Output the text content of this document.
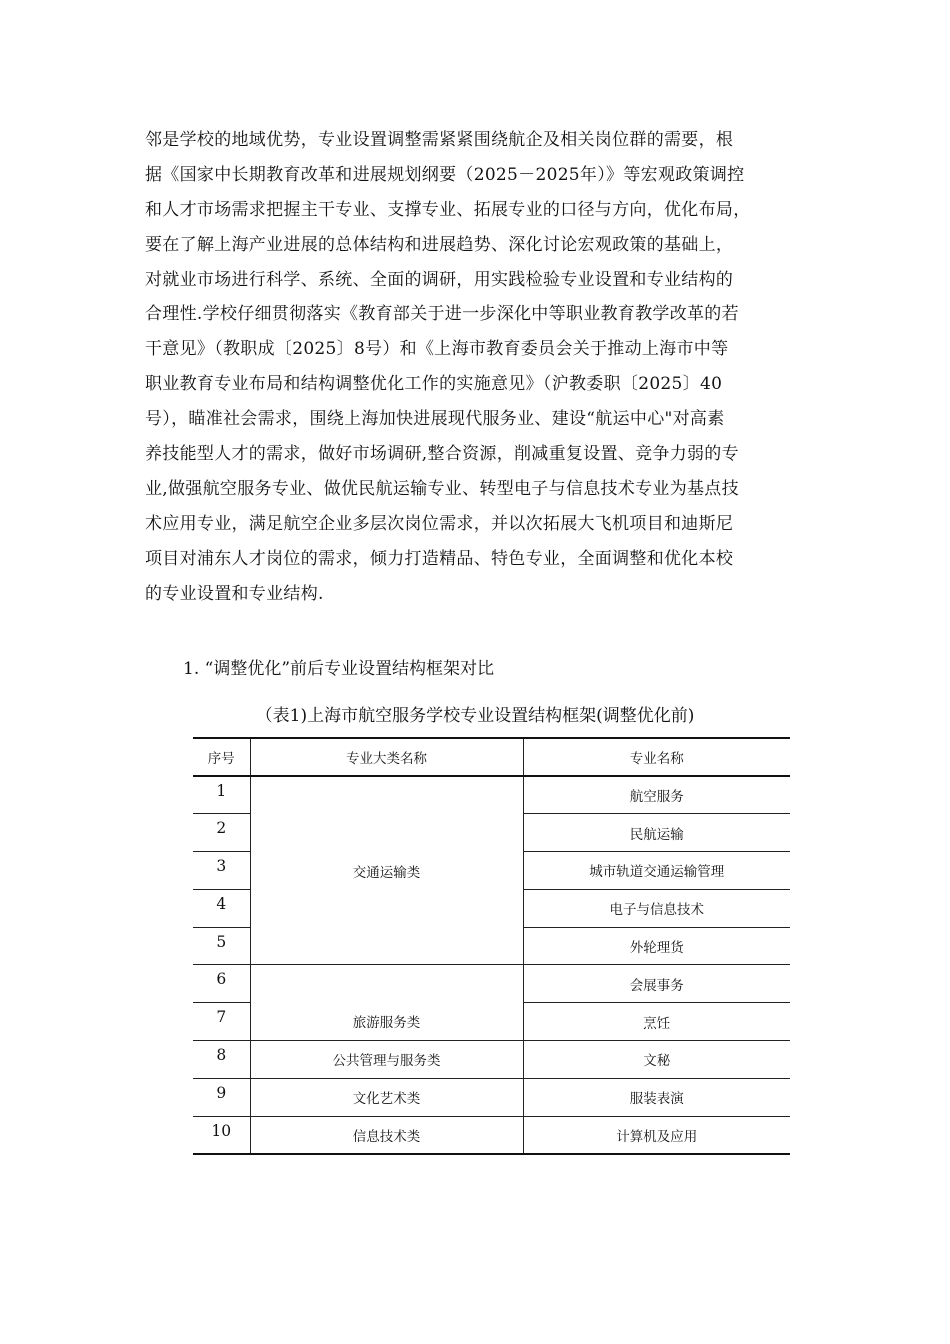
邻是学校的地域优势，专业设置调整需紧紧围绕航企及相关岗位群的需要，根
据《国家中长期教育改革和进展规划纲要（2025－2025年）》等宏观政策调控
和人才市场需求把握主干专业、支撑专业、拓展专业的口径与方向，优化布局，
要在了解上海产业进展的总体结构和进展趋势、深化讨论宏观政策的基础上，
对就业市场进行科学、系统、全面的调研，用实践检验专业设置和专业结构的
合理性.学校仔细贯彻落实《教育部关于进一步深化中等职业教育教学改革的若
干意见》（教职成〔2025〕8号）和《上海市教育委员会关于推动上海市中等
职业教育专业布局和结构调整优化工作的实施意见》（沪教委职〔2025〕40
号），瞄准社会需求，围绕上海加快进展现代服务业、建设“航运中心"对高素
养技能型人才的需求，做好市场调研,整合资源，削减重复设置、竞争力弱的专
业,做强航空服务专业、做优民航运输专业、转型电子与信息技术专业为基点技
术应用专业，满足航空企业多层次岗位需求，并以次拓展大飞机项目和迪斯尼
项目对浦东人才岗位的需求，倾力打造精品、特色专业，全面调整和优化本校
的专业设置和专业结构.
1. “调整优化”前后专业设置结构框架对比
（表1)上海市航空服务学校专业设置结构框架(调整优化前)
序号	专业大类名称	专业名称
1	交通运输类	航空服务
2		民航运输
3		城市轨道交通运输管理
4		电子与信息技术
5		外轮理货
6	旅游服务类	会展事务
7		烹饪
8	公共管理与服务类	文秘
9	文化艺术类	服装表演
10	信息技术类	计算机及应用
